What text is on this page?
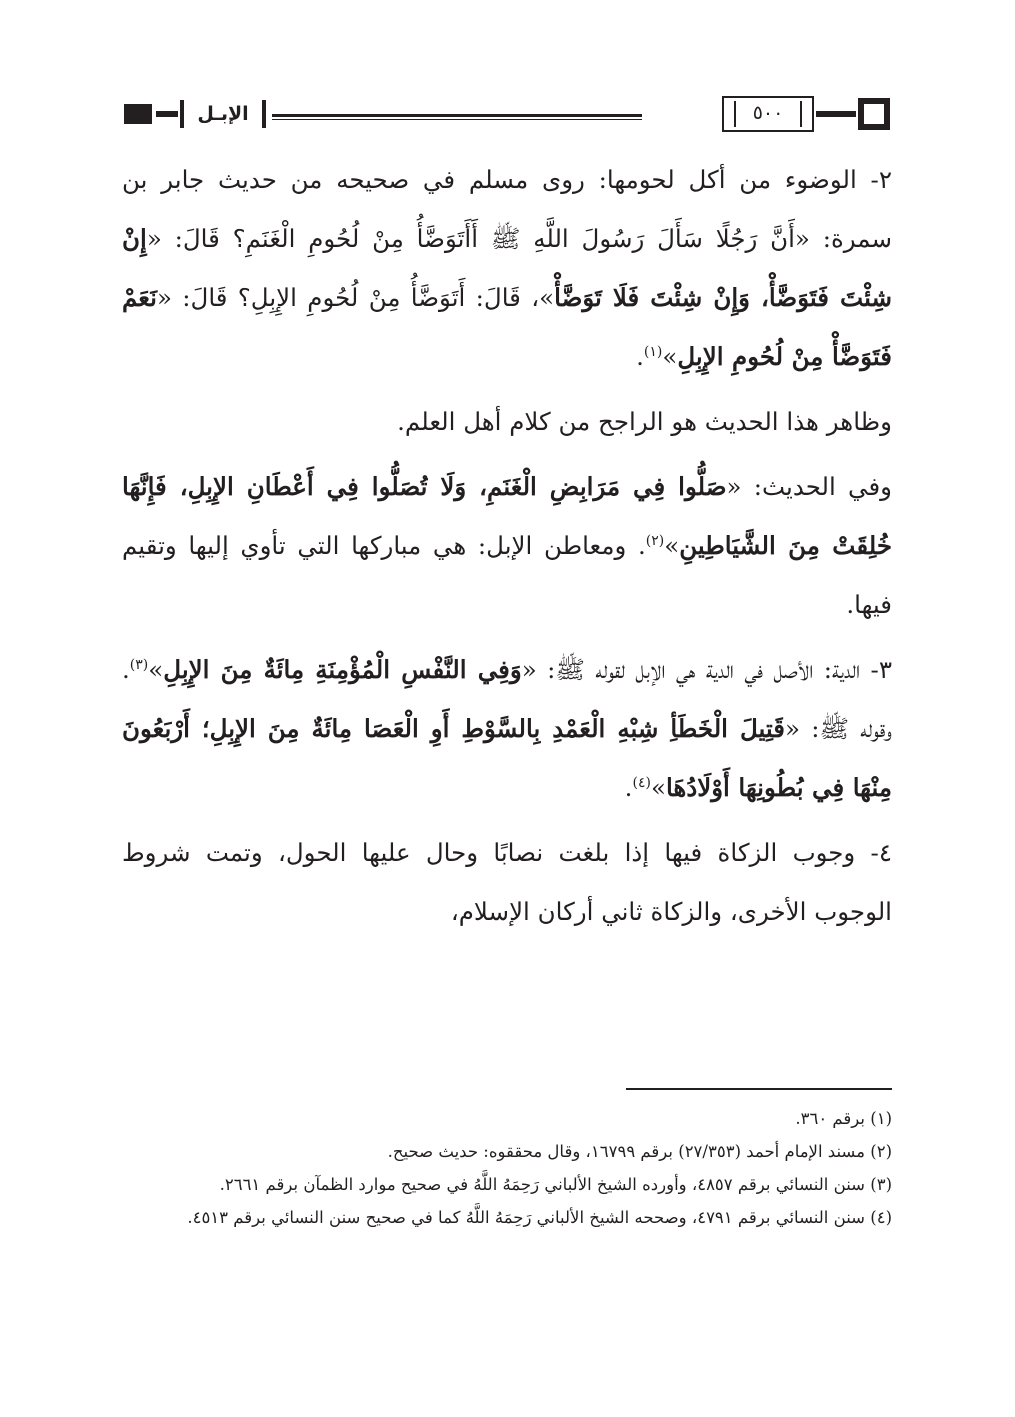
الإبـل	٥٠٠

٢- الوضوء من أكل لحومها: روى مسلم في صحيحه من حديث جابر بن سمرة: «أَنَّ رَجُلًا سَأَلَ رَسُولَ اللَّهِ ﷺ أَأَتَوَضَّأُ مِنْ لُحُومِ الْغَنَمِ؟ قَالَ: «إِنْ شِئْتَ فَتَوَضَّأْ، وَإِنْ شِئْتَ فَلَا تَوَضَّأْ»، قَالَ: أَتَوَضَّأُ مِنْ لُحُومِ الإِبِلِ؟ قَالَ: «نَعَمْ فَتَوَضَّأْ مِنْ لُحُومِ الإِبِلِ»$^{(١)}$.

وظاهر هذا الحديث هو الراجح من كلام أهل العلم.

وفي الحديث: «صَلُّوا فِي مَرَابِضِ الْغَنَمِ، وَلَا تُصَلُّوا فِي أَعْطَانِ الإِبِلِ، فَإِنَّهَا خُلِقَتْ مِنَ الشَّيَاطِينِ»$^{(٢)}$. ومعاطن الإبل: هي مباركها التي تأوي إليها وتقيم فيها.

٣- الدية: الأصل في الدية هي الإبل لقوله ﷺ: «وَفِي النَّفْسِ الْمُؤْمِنَةِ مِائَةٌ مِنَ الإِبِلِ»$^{(٣)}$. وقوله ﷺ: «قَتِيلَ الْخَطَأِ شِبْهِ الْعَمْدِ بِالسَّوْطِ أَوِ الْعَصَا مِائَةٌ مِنَ الإِبِلِ؛ أَرْبَعُونَ مِنْهَا فِي بُطُونِهَا أَوْلَادُهَا»$^{(٤)}$.

٤- وجوب الزكاة فيها إذا بلغت نصابًا وحال عليها الحول، وتمت شروط الوجوب الأخرى، والزكاة ثاني أركان الإسلام،

(١) برقم ٣٦٠.

(٢) مسند الإمام أحمد (٢٧/٣٥٣) برقم ١٦٧٩٩، وقال محققوه: حديث صحيح.

(٣) سنن النسائي برقم ٤٨٥٧، وأورده الشيخ الألباني رَحِمَهُ اللَّهُ في صحيح موارد الظمآن برقم ٢٦٦١.

(٤) سنن النسائي برقم ٤٧٩١، وصححه الشيخ الألباني رَحِمَهُ اللَّهُ كما في صحيح سنن النسائي برقم ٤٥١٣.
